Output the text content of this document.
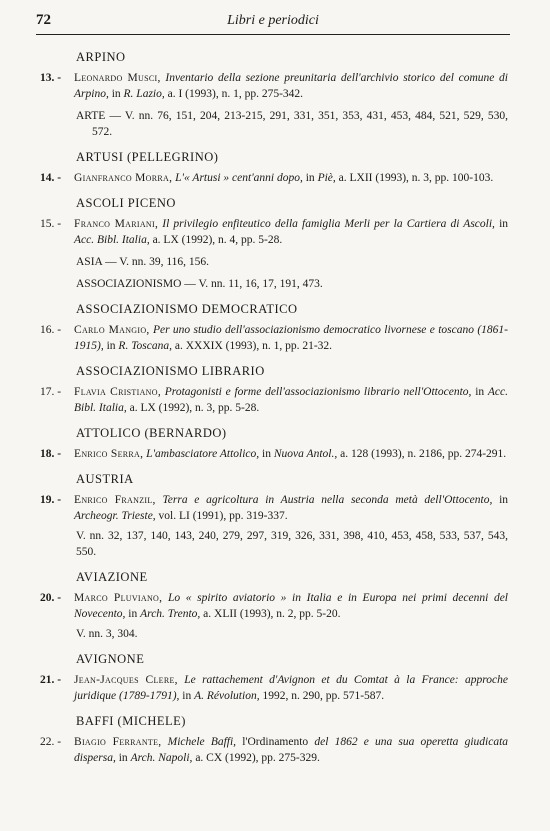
72	Libri e periodici
ARPINO
13. - Leonardo Musci, Inventario della sezione preunitaria dell'archivio storico del comune di Arpino, in R. Lazio, a. I (1993), n. 1, pp. 275-342.
ARTE — V. nn. 76, 151, 204, 213-215, 291, 331, 351, 353, 431, 453, 484, 521, 529, 530, 572.
ARTUSI (PELLEGRINO)
14. - Gianfranco Morra, L'« Artusi » cent'anni dopo, in Piè, a. LXII (1993), n. 3, pp. 100-103.
ASCOLI PICENO
15. - Franco Mariani, Il privilegio enfiteutico della famiglia Merli per la Cartiera di Ascoli, in Acc. Bibl. Italia, a. LX (1992), n. 4, pp. 5-28.
ASIA — V. nn. 39, 116, 156.
ASSOCIAZIONISMO — V. nn. 11, 16, 17, 191, 473.
ASSOCIAZIONISMO DEMOCRATICO
16. - Carlo Mangio, Per uno studio dell'associazionismo democratico livornese e toscano (1861-1915), in R. Toscana, a. XXXIX (1993), n. 1, pp. 21-32.
ASSOCIAZIONISMO LIBRARIO
17. - Flavia Cristiano, Protagonisti e forme dell'associazionismo librario nell'Ottocento, in Acc. Bibl. Italia, a. LX (1992), n. 3, pp. 5-28.
ATTOLICO (BERNARDO)
18. - Enrico Serra, L'ambasciatore Attolico, in Nuova Antol., a. 128 (1993), n. 2186, pp. 274-291.
AUSTRIA
19. - Enrico Franzil, Terra e agricoltura in Austria nella seconda metà dell'Ottocento, in Archeogr. Trieste, vol. LI (1991), pp. 319-337.
V. nn. 32, 137, 140, 143, 240, 279, 297, 319, 326, 331, 398, 410, 453, 458, 533, 537, 543, 550.
AVIAZIONE
20. - Marco Pluviano, Lo « spirito aviatorio » in Italia e in Europa nei primi decenni del Novecento, in Arch. Trento, a. XLII (1993), n. 2, pp. 5-20.
V. nn. 3, 304.
AVIGNONE
21. - Jean-Jacques Clere, Le rattachement d'Avignon et du Comtat à la France: approche juridique (1789-1791), in A. Révolution, 1992, n. 290, pp. 571-587.
BAFFI (MICHELE)
22. - Biagio Ferrante, Michele Baffi, l'Ordinamento del 1862 e una sua operetta giudicata dispersa, in Arch. Napoli, a. CX (1992), pp. 275-329.
